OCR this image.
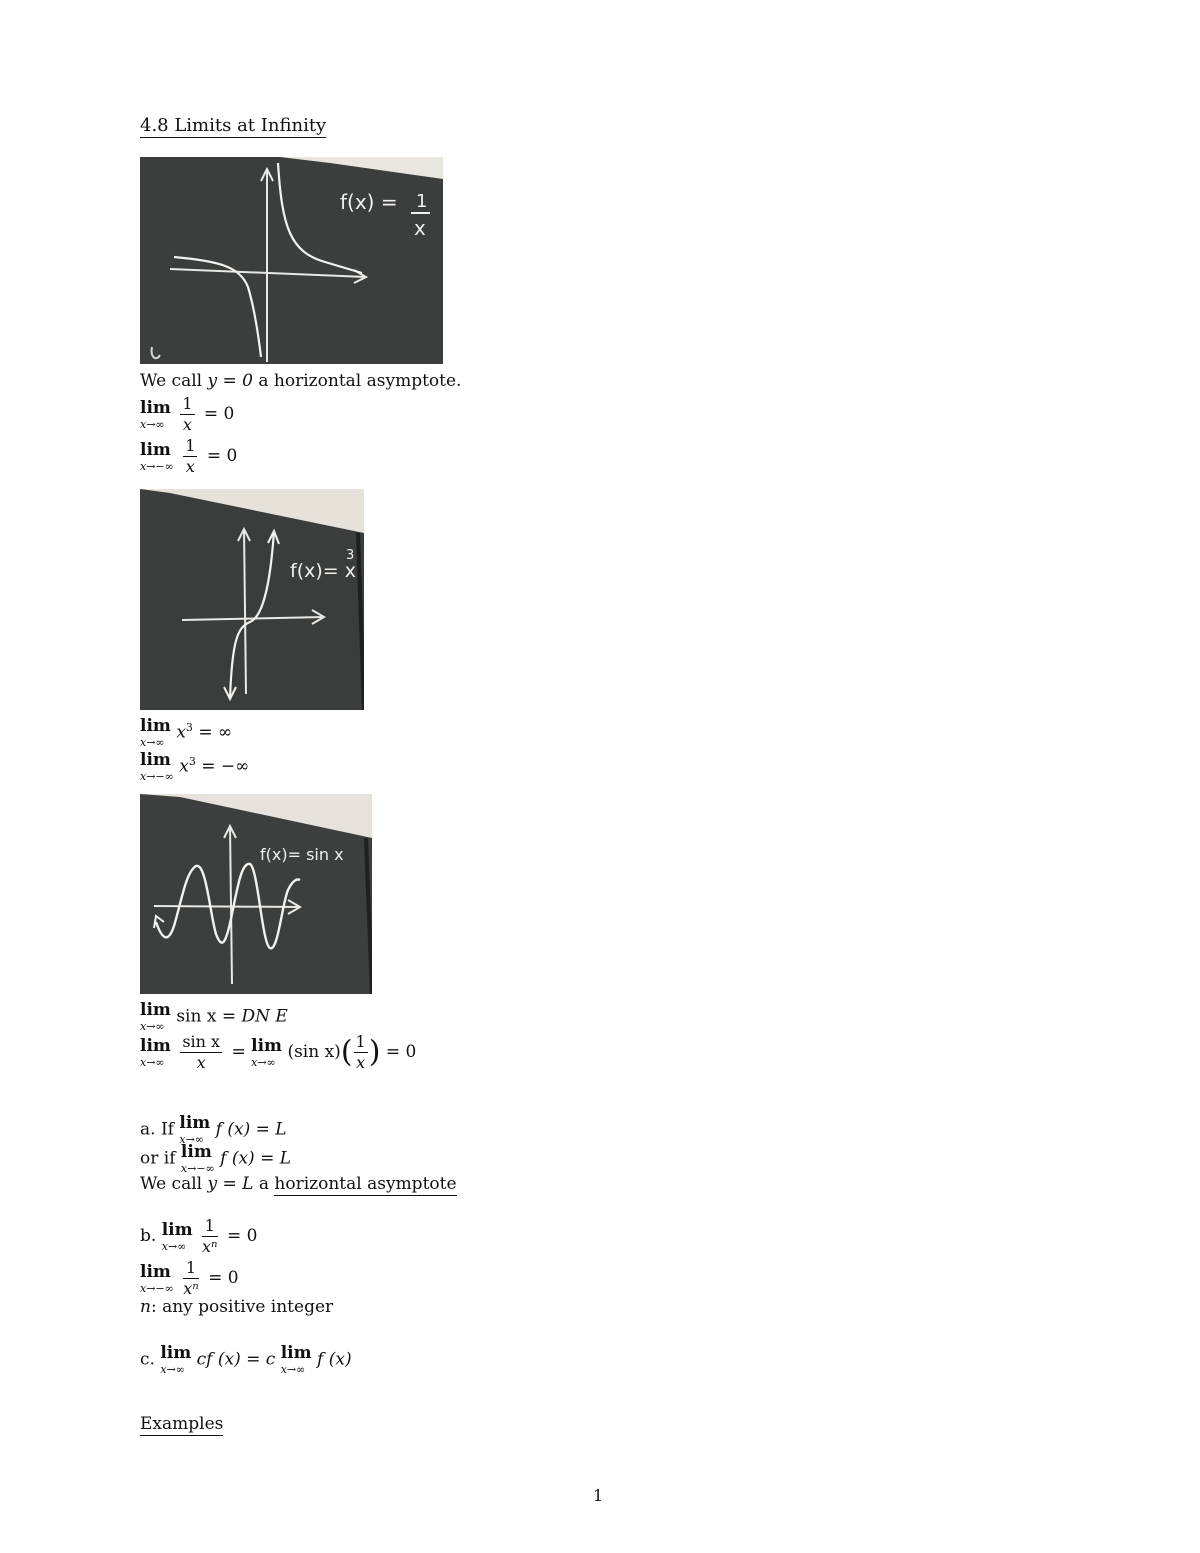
4.8 Limits at Infinity
f(x) = 1
x
We call y = 0 a horizontal asymptote.
lim
x→∞
$\frac{1}{x} = 0$
lim
x→−∞
$\frac{1}{x} = 0$
f(x)= x
3
lim
x→∞ $x^3$ = ∞
lim
x→−∞ $x^3$ = −∞
f(x)= sin x
lim
x→∞ sin x = DN E
lim
x→∞
$\frac{\text{sin x}}{x} = \lim$
x→∞ (sin $x)( \frac{1}{x}$ ) = 0
a. If lim
x→∞ f (x) = L
or if lim
x→−∞ f (x) = L
We call y = L a horizontal asymptote
b. lim
x→∞
$\frac{1}{\text{xⁿ}} = 0$
lim
x→−∞
$\frac{1}{\text{xⁿ}} = 0$
n: any positive integer
c. lim
x→∞ cf (x) = c lim
x→∞ f (x)
Examples
1
